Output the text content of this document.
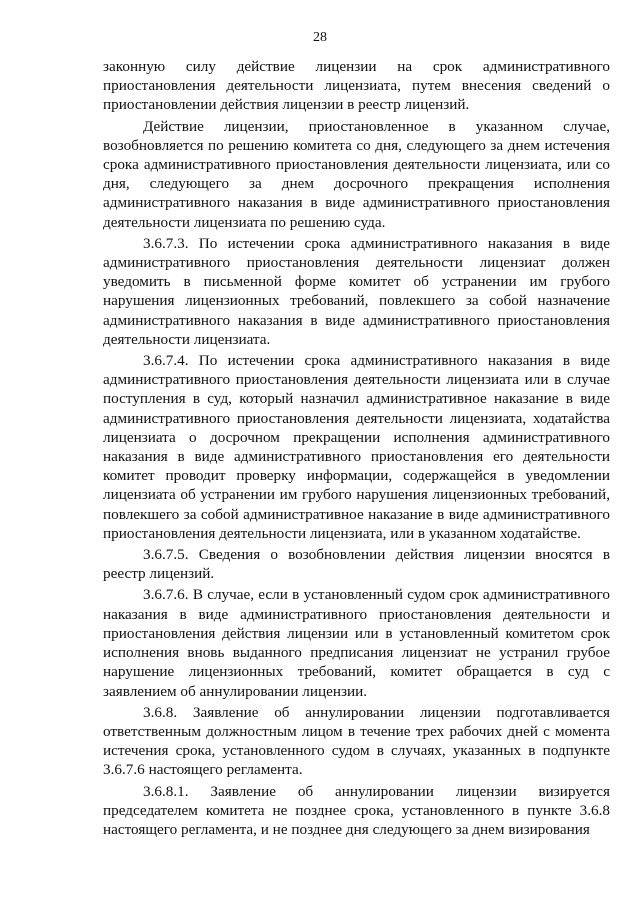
28

законную силу действие лицензии на срок административного приостановления деятельности лицензиата, путем внесения сведений о приостановлении действия лицензии в реестр лицензий.

Действие лицензии, приостановленное в указанном случае, возобновляется по решению комитета со дня, следующего за днем истечения срока административного приостановления деятельности лицензиата, или со дня, следующего за днем досрочного прекращения исполнения административного наказания в виде административного приостановления деятельности лицензиата по решению суда.

3.6.7.3. По истечении срока административного наказания в виде административного приостановления деятельности лицензиат должен уведомить в письменной форме комитет об устранении им грубого нарушения лицензионных требований, повлекшего за собой назначение административного наказания в виде административного приостановления деятельности лицензиата.

3.6.7.4. По истечении срока административного наказания в виде административного приостановления деятельности лицензиата или в случае поступления в суд, который назначил административное наказание в виде административного приостановления деятельности лицензиата, ходатайства лицензиата о досрочном прекращении исполнения административного наказания в виде административного приостановления его деятельности комитет проводит проверку информации, содержащейся в уведомлении лицензиата об устранении им грубого нарушения лицензионных требований, повлекшего за собой административное наказание в виде административного приостановления деятельности лицензиата, или в указанном ходатайстве.

3.6.7.5. Сведения о возобновлении действия лицензии вносятся в реестр лицензий.

3.6.7.6. В случае, если в установленный судом срок административного наказания в виде административного приостановления деятельности и приостановления действия лицензии или в установленный комитетом срок исполнения вновь выданного предписания лицензиат не устранил грубое нарушение лицензионных требований, комитет обращается в суд с заявлением об аннулировании лицензии.

3.6.8. Заявление об аннулировании лицензии подготавливается ответственным должностным лицом в течение трех рабочих дней с момента истечения срока, установленного судом в случаях, указанных в подпункте 3.6.7.6 настоящего регламента.

3.6.8.1. Заявление об аннулировании лицензии визируется председателем комитета не позднее срока, установленного в пункте 3.6.8 настоящего регламента, и не позднее дня следующего за днем визирования
